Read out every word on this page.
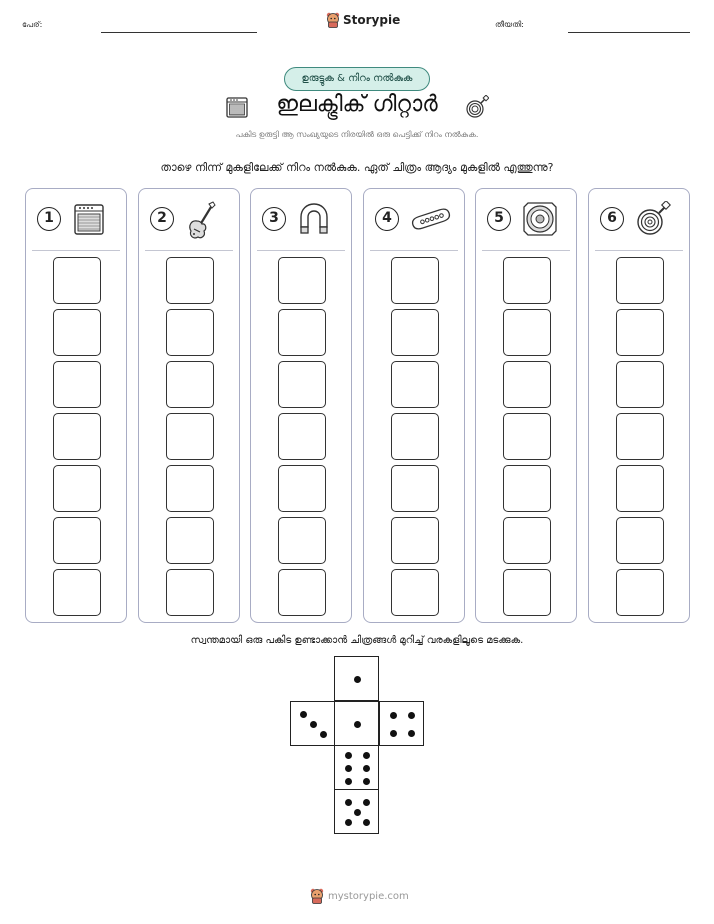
പേര്:	Storypie	തീയതി:
ഉരുട്ടുക & നിറം നൽകുക
ഇലക്ട്രിക് ഗിറ്റാർ
പകിട ഉരുട്ടി ആ സംഖ്യയുടെ നിരയിൽ ഒരു പെട്ടിക്ക് നിറം നൽകുക.
താഴെ നിന്ന് മുകളിലേക്ക് നിറം നൽകുക. ഏത് ചിത്രം ആദ്യം മുകളിൽ എത്തുന്നു?
1	2	3	4	5	6
സ്വന്തമായി ഒരു പകിട ഉണ്ടാക്കാൻ ചിത്രങ്ങൾ മുറിച്ച് വരകളിലൂടെ മടക്കുക.
mystorypie.com
